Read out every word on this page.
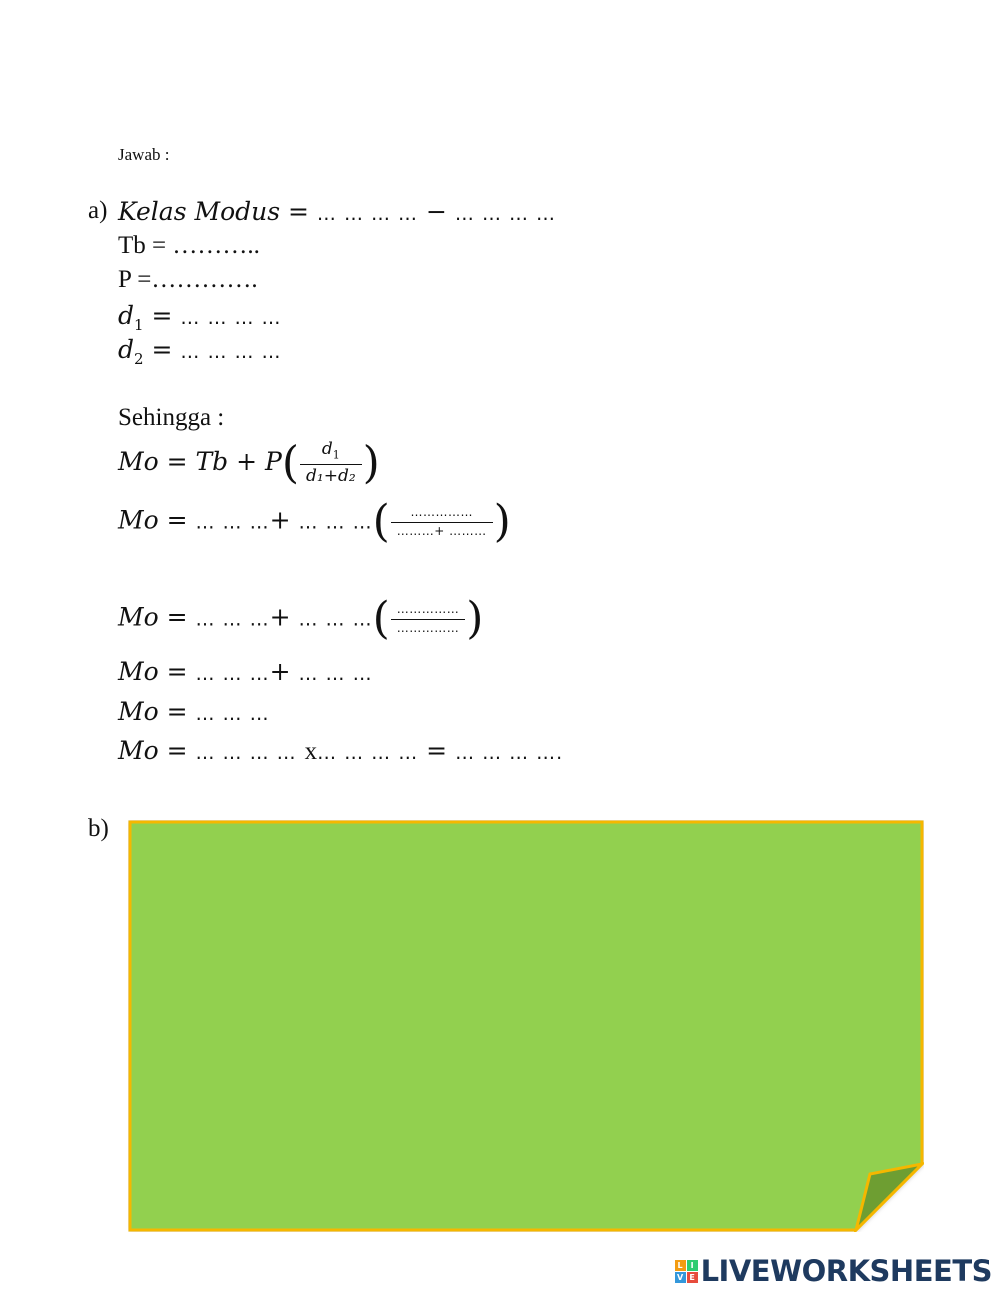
Jawab :
a) Kelas Modus = … … … … − … … … …
Tb = ………..
P =………….
$d_1$ = … … … …
$d_2$ = … … … …
Sehingga :
$Mo = Tb + P( \frac{d_1}{\text{d₁+d₂}}$ )
Mo = … … …+ … … …( $\frac{\dots\dots\dots\dots\dots}{\dots\dots\dots+ \dots\dots\dots}$ )
Mo = … … …+ … … …( $\frac{\dots\dots\dots\dots\dots}{\dots\dots\dots\dots\dots}$ )
Mo = … … …+ … … …
Mo = … … …
Mo = … … … … x… … … … = … … … ….
b)
L I
V E LIVEWORKSHEETS
